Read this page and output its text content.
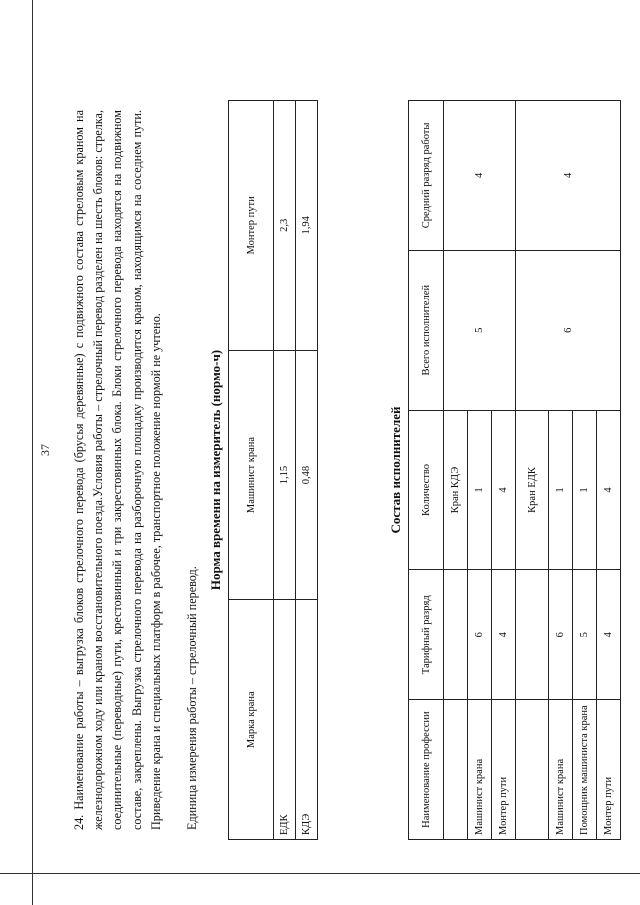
37 24. Наименование работы – выгрузка блоков стрелочного перевода (брусья деревянные) с подвижного состава стреловым краном на железнодорожном ходу или краном восстановительного поезда.Условия работы – стрелочный перевод разделен на шесть блоков: стрелка, соединительные (переводные) пути, крестовинный и три закрестовинных блока. Блоки стрелочного перевода находятся на подвижном составе, закреплены. Выгрузка стрелочного перевода на разборочную площадку производится краном, находящимся на соседнем пути. Приведение крана и специальных платформ в рабочее, транспортное положение нормой не учтено. Единица измерения работы – стрелочный перевод.
Норма времени на измеритель (нормо-ч)
Марка крана	Машинист крана	Монтер пути
ЕДК	1,15	2,3
КДЭ	0,48	1,94
Состав исполнителей
Наименование профессии	Тарифный разряд	Количество	Всего исполнителей	Средний разряд работы
		Кран КДЭ	5	4
Машинист крана	6	1		
Монтер пути	4	4		
		Кран ЕДК	6	4
Машинист крана	6	1		
Помощник машиниста крана	5	1		
Монтер пути	4	4		
